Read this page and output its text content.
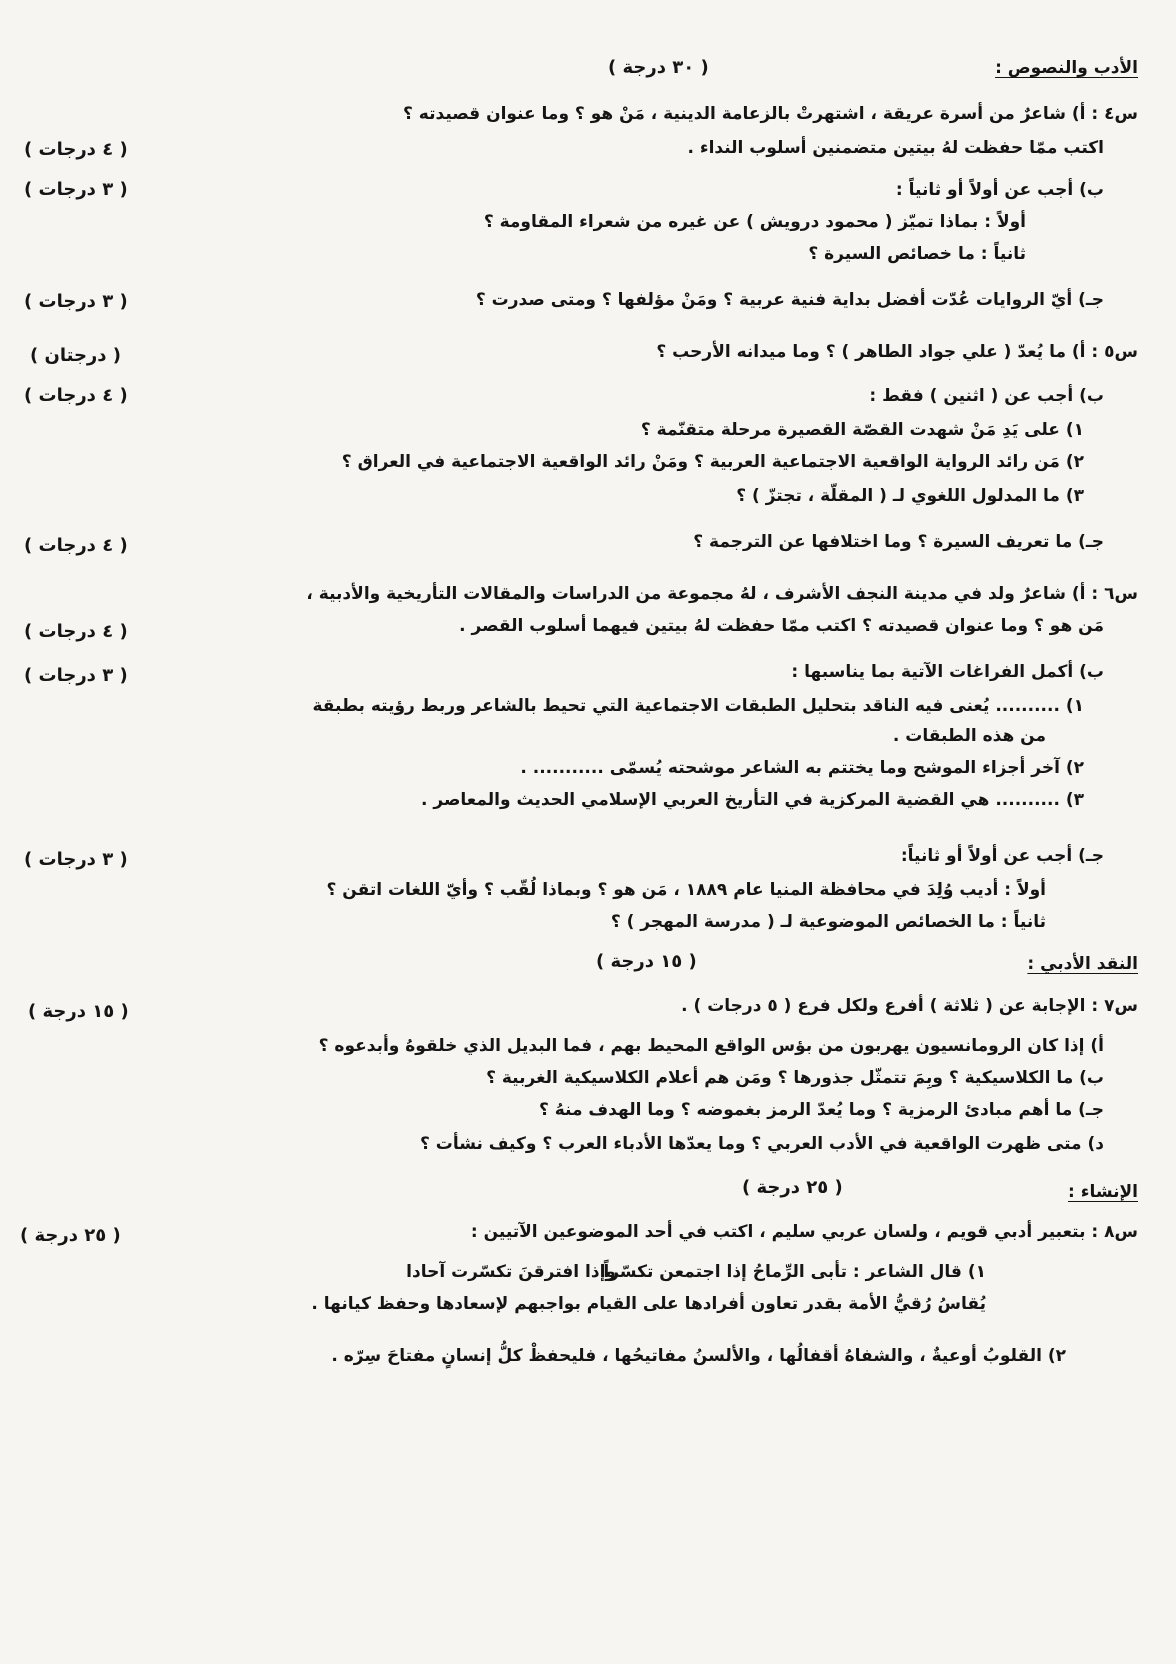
الأدب والنصوص :
( ٣٠ درجة )
س٤ : أ) شاعرٌ من أسرة عريقة ، اشتهرتْ بالزعامة الدينية ، مَنْ هو ؟ وما عنوان قصيدته ؟
اكتب ممّا حفظت لهُ بيتين متضمنين أسلوب النداء .
( ٤ درجات )
ب) أجب عن أولاً أو ثانياً :
( ٣ درجات )
أولاً : بماذا تميّز ( محمود درويش ) عن غيره من شعراء المقاومة ؟
ثانياً : ما خصائص السيرة ؟
جـ) أيّ الروايات عُدّت أفضل بداية فنية عربية ؟ ومَنْ مؤلفها ؟ ومتى صدرت ؟
( ٣ درجات )
س٥ : أ) ما يُعدّ ( علي جواد الطاهر ) ؟ وما ميدانه الأرحب ؟
( درجتان )
ب) أجب عن ( اثنين ) فقط :
( ٤ درجات )
١) على يَدِ مَنْ شهدت القصّة القصيرة مرحلة متقنّمة ؟
٢) مَن رائد الرواية الواقعية الاجتماعية العربية ؟ ومَنْ رائد الواقعية الاجتماعية في العراق ؟
٣) ما المدلول اللغوي لـ ( المقلّة ، تجتزّ ) ؟
جـ) ما تعريف السيرة ؟ وما اختلافها عن الترجمة ؟
( ٤ درجات )
س٦ : أ) شاعرٌ ولد في مدينة النجف الأشرف ، لهُ مجموعة من الدراسات والمقالات التأريخية والأدبية ،
مَن هو ؟ وما عنوان قصيدته ؟ اكتب ممّا حفظت لهُ بيتين فيهما أسلوب القصر .
( ٤ درجات )
ب) أكمل الفراغات الآتية بما يناسبها :
( ٣ درجات )
١) .......... يُعنى فيه الناقد بتحليل الطبقات الاجتماعية التي تحيط بالشاعر وربط رؤيته بطبقة
من هذه الطبقات .
٢) آخر أجزاء الموشح وما يختتم به الشاعر موشحته يُسمّى ........... .
٣) .......... هي القضية المركزية في التأريخ العربي الإسلامي الحديث والمعاصر .
جـ) أجب عن أولاً أو ثانياً:
( ٣ درجات )
أولاً : أديب وُلِدَ في محافظة المنيا عام ١٨٨٩ ، مَن هو ؟ وبماذا لُقّب ؟ وأيّ اللغات اتقن ؟
ثانياً : ما الخصائص الموضوعية لـ ( مدرسة المهجر ) ؟
النقد الأدبي :
( ١٥ درجة )
س٧ : الإجابة عن ( ثلاثة ) أفرع ولكل فرع ( ٥ درجات ) .
( ١٥ درجة )
أ) إذا كان الرومانسيون يهربون من بؤس الواقع المحيط بهم ، فما البديل الذي خلقوهُ وأبدعوه ؟
ب) ما الكلاسيكية ؟ وبِمَ تتمثّل جذورها ؟ ومَن هم أعلام الكلاسيكية الغربية ؟
جـ) ما أهم مبادئ الرمزية ؟ وما يُعدّ الرمز بغموضه ؟ وما الهدف منهُ ؟
د) متى ظهرت الواقعية في الأدب العربي ؟ وما يعدّها الأدباء العرب ؟ وكيف نشأت ؟
الإنشاء :
( ٢٥ درجة )
س٨ : بتعبير أدبي قويم ، ولسان عربي سليم ، اكتب في أحد الموضوعين الآتيين :
( ٢٥ درجة )
١) قال الشاعر : تأبى الرِّماحُ إذا اجتمعن تكسّراً
وإذا افترقنَ تكسّرت آحادا
يُقاسُ رُقيُّ الأمة بقدر تعاون أفرادها على القيام بواجبهم لإسعادها وحفظ كيانها .
٢) القلوبُ أوعيةٌ ، والشفاهُ أقفالُها ، والألسنُ مفاتيحُها ، فليحفظْ كلُّ إنسانٍ مفتاحَ سِرّه .
